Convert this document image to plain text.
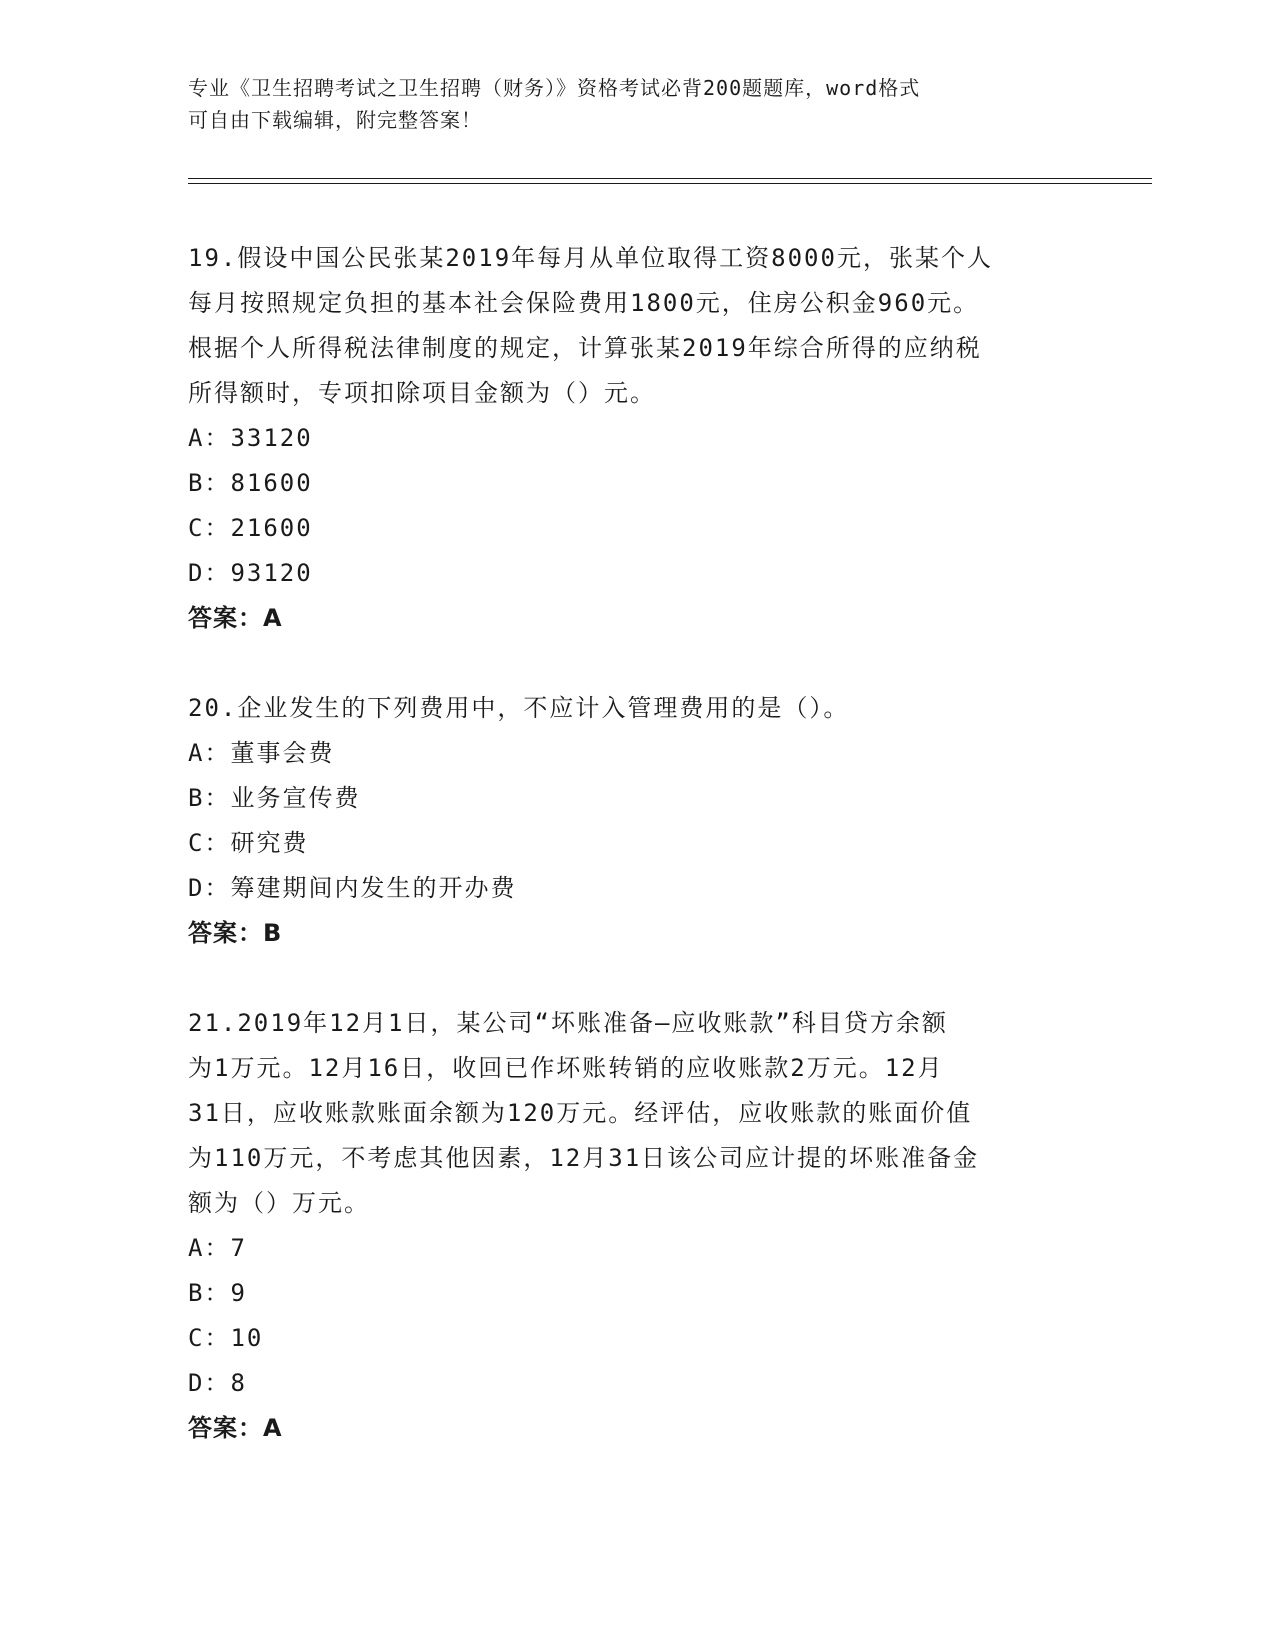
专业《卫生招聘考试之卫生招聘（财务）》资格考试必背200题题库，word格式
可自由下载编辑，附完整答案！
19.假设中国公民张某2019年每月从单位取得工资8000元，张某个人
每月按照规定负担的基本社会保险费用1800元，住房公积金960元。
根据个人所得税法律制度的规定，计算张某2019年综合所得的应纳税
所得额时，专项扣除项目金额为（）元。
A：33120
B：81600
C：21600
D：93120
答案：A
20.企业发生的下列费用中，不应计入管理费用的是（）。
A：董事会费
B：业务宣传费
C：研究费
D：筹建期间内发生的开办费
答案：B
21.2019年12月1日，某公司“坏账准备—应收账款”科目贷方余额
为1万元。12月16日，收回已作坏账转销的应收账款2万元。12月
31日，应收账款账面余额为120万元。经评估，应收账款的账面价值
为110万元，不考虑其他因素，12月31日该公司应计提的坏账准备金
额为（）万元。
A：7
B：9
C：10
D：8
答案：A
